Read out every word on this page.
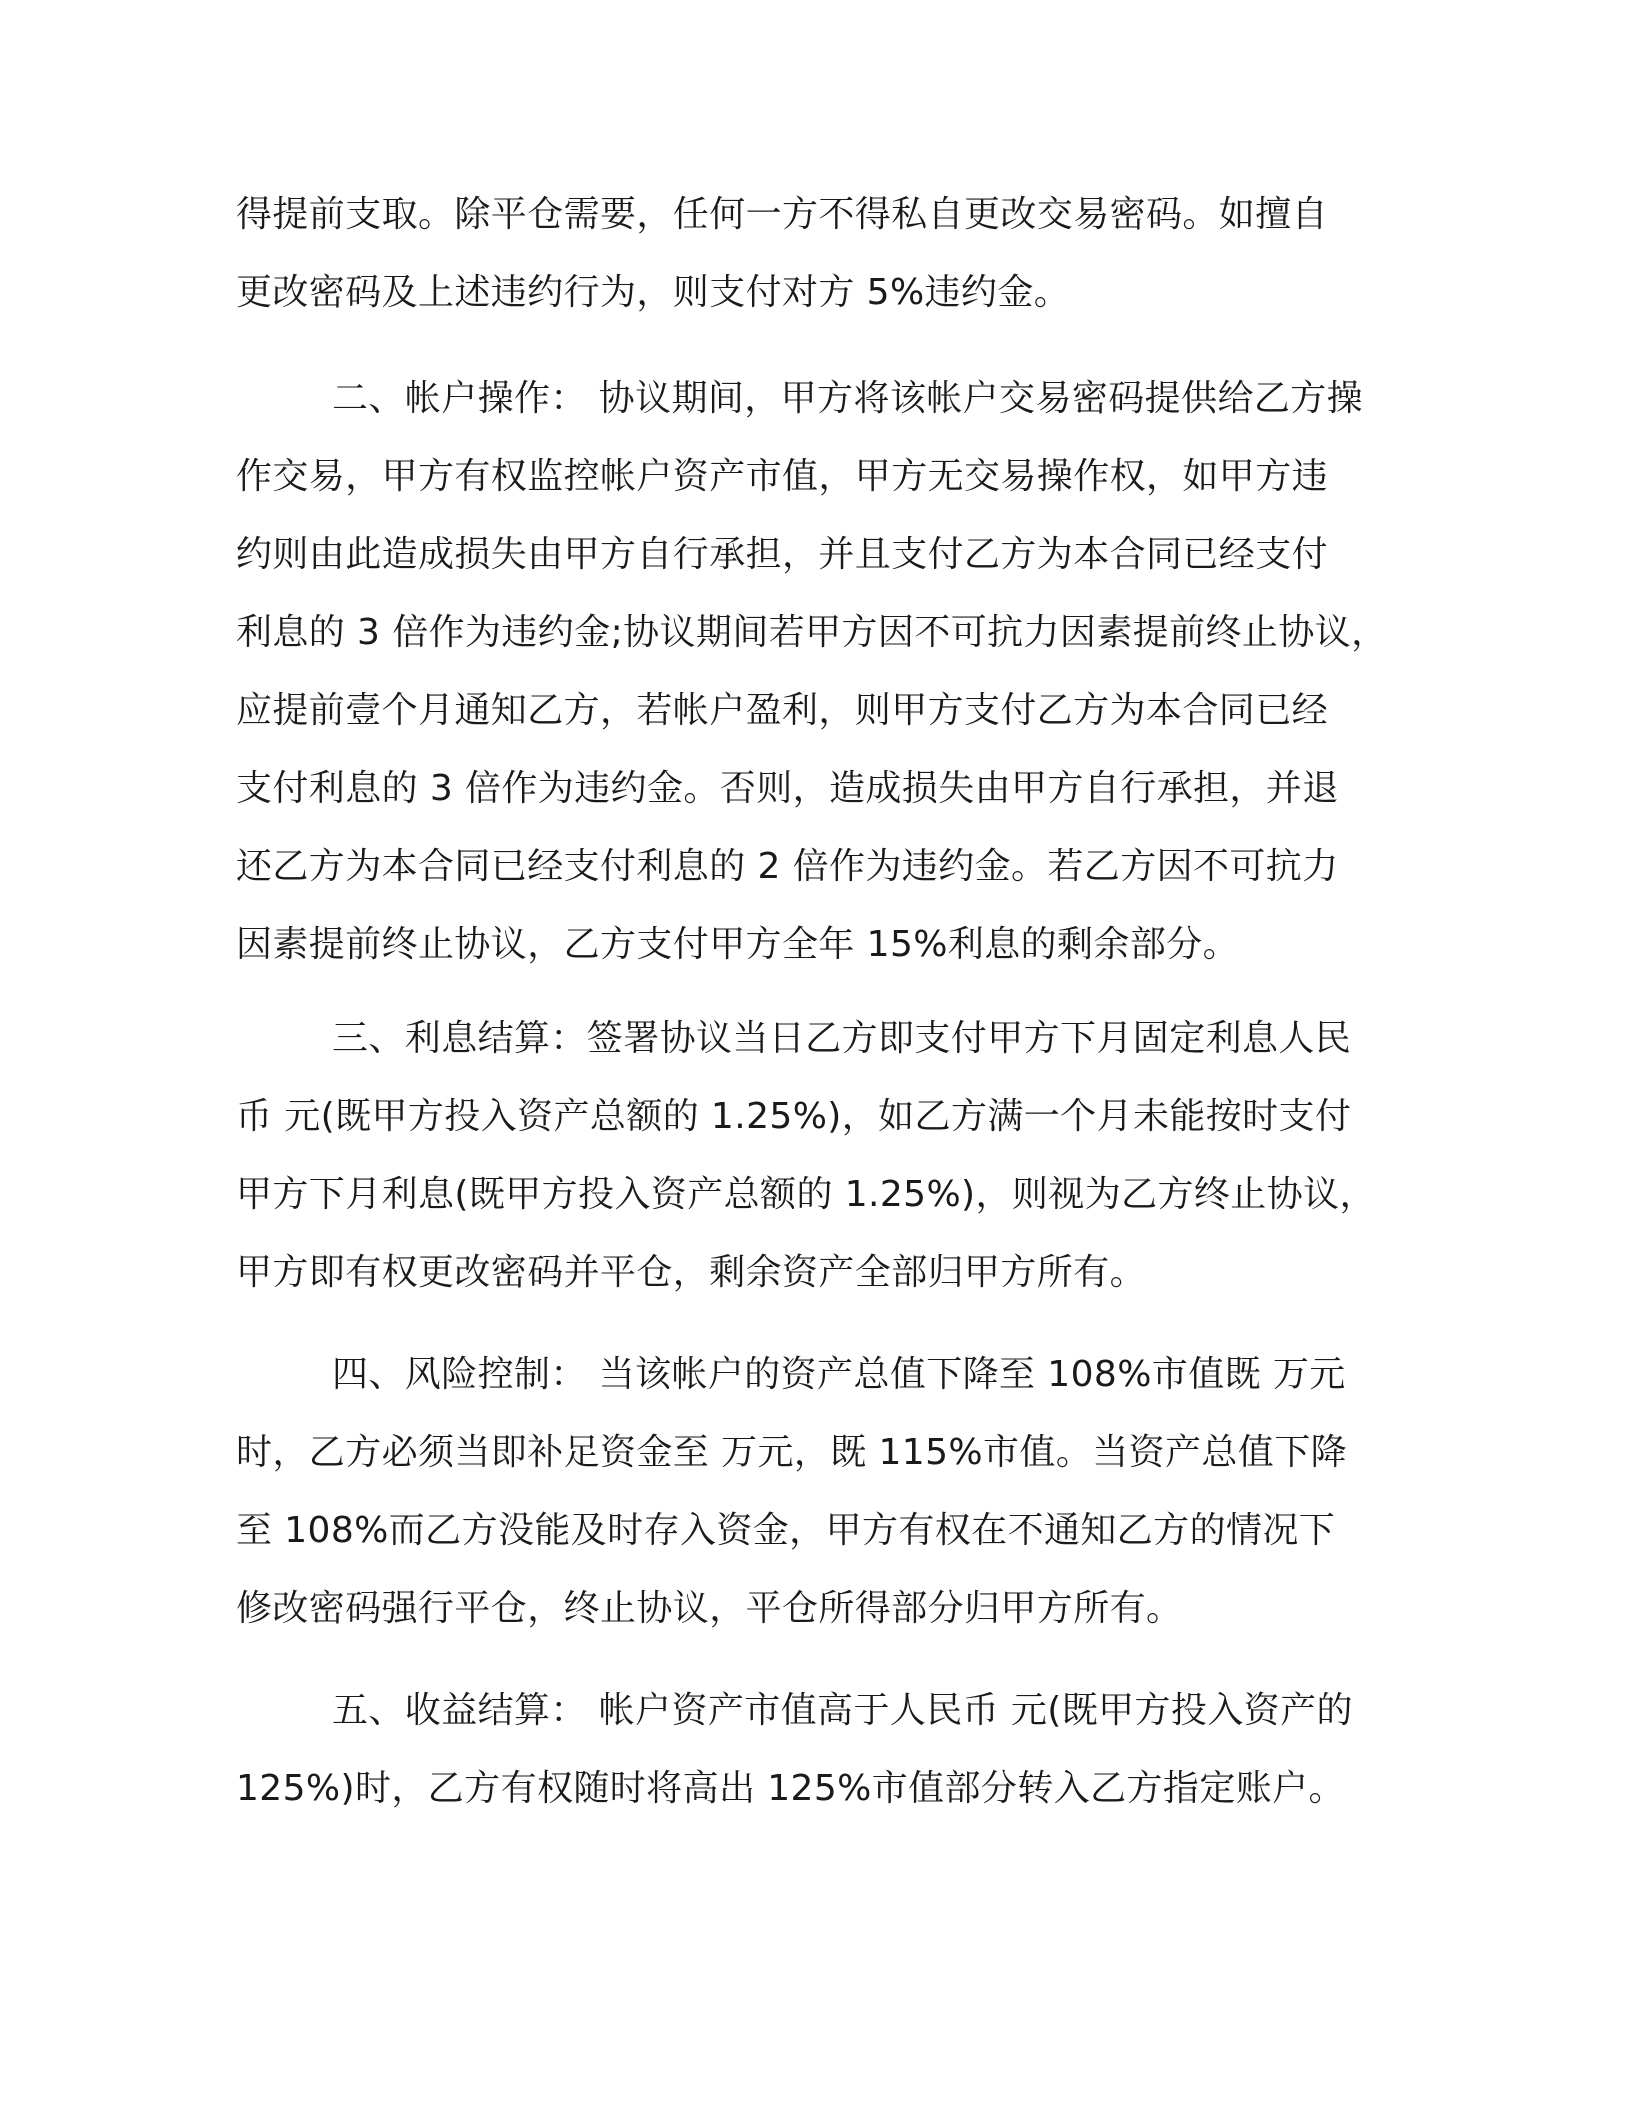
得提前支取。除平仓需要，任何一方不得私自更改交易密码。如擅自
更改密码及上述违约行为，则支付对方 5%违约金。

二、帐户操作： 协议期间，甲方将该帐户交易密码提供给乙方操
作交易，甲方有权监控帐户资产市值，甲方无交易操作权，如甲方违
约则由此造成损失由甲方自行承担，并且支付乙方为本合同已经支付
利息的 3 倍作为违约金;协议期间若甲方因不可抗力因素提前终止协议，
应提前壹个月通知乙方，若帐户盈利，则甲方支付乙方为本合同已经
支付利息的 3 倍作为违约金。否则，造成损失由甲方自行承担，并退
还乙方为本合同已经支付利息的 2 倍作为违约金。若乙方因不可抗力
因素提前终止协议，乙方支付甲方全年 15%利息的剩余部分。

三、利息结算：签署协议当日乙方即支付甲方下月固定利息人民
币 元(既甲方投入资产总额的 1.25%)，如乙方满一个月未能按时支付
甲方下月利息(既甲方投入资产总额的 1.25%)，则视为乙方终止协议，
甲方即有权更改密码并平仓，剩余资产全部归甲方所有。

四、风险控制： 当该帐户的资产总值下降至 108%市值既 万元
时，乙方必须当即补足资金至 万元，既 115%市值。当资产总值下降
至 108%而乙方没能及时存入资金，甲方有权在不通知乙方的情况下
修改密码强行平仓，终止协议，平仓所得部分归甲方所有。

五、收益结算： 帐户资产市值高于人民币 元(既甲方投入资产的
125%)时，乙方有权随时将高出 125%市值部分转入乙方指定账户。
